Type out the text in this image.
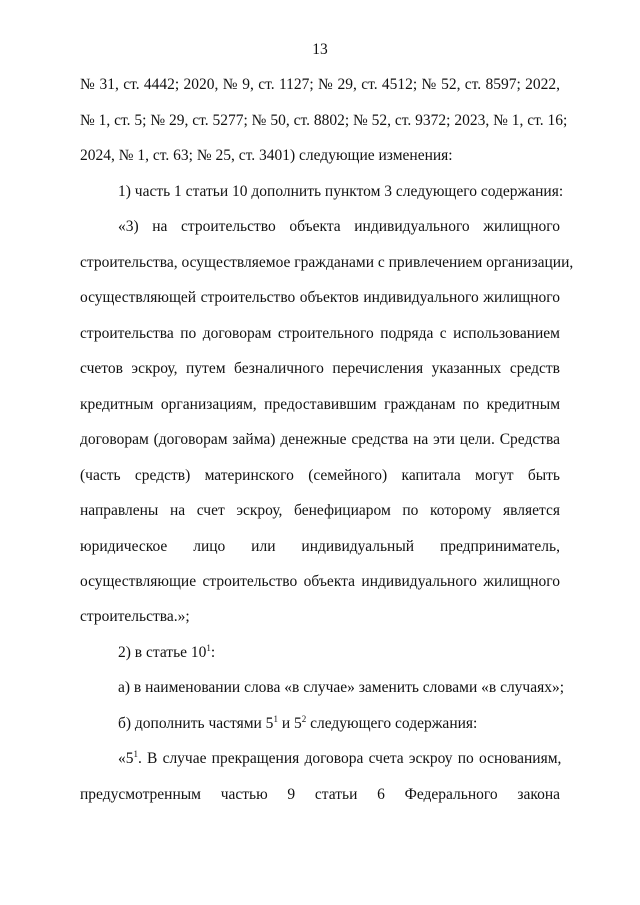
13
№ 31, ст. 4442; 2020, № 9, ст. 1127; № 29, ст. 4512; № 52, ст. 8597; 2022,
№ 1, ст. 5; № 29, ст. 5277; № 50, ст. 8802; № 52, ст. 9372; 2023, № 1, ст. 16;
2024, № 1, ст. 63; № 25, ст. 3401) следующие изменения:
1) часть 1 статьи 10 дополнить пунктом 3 следующего содержания:
«3) на строительство объекта индивидуального жилищного
строительства, осуществляемое гражданами с привлечением организации,
осуществляющей строительство объектов индивидуального жилищного
строительства по договорам строительного подряда с использованием
счетов эскроу, путем безналичного перечисления указанных средств
кредитным организациям, предоставившим гражданам по кредитным
договорам (договорам займа) денежные средства на эти цели. Средства
(часть средств) материнского (семейного) капитала могут быть
направлены на счет эскроу, бенефициаром по которому является
юридическое лицо или индивидуальный предприниматель,
осуществляющие строительство объекта индивидуального жилищного
строительства.»;
2) в статье $10^1$:
а) в наименовании слова «в случае» заменить словами «в случаях»;
б) дополнить частями $5^1$ и $5^2$ следующего содержания:
«$5^1$. В случае прекращения договора счета эскроу по основаниям,
предусмотренным частью 9 статьи 6 Федерального закона
